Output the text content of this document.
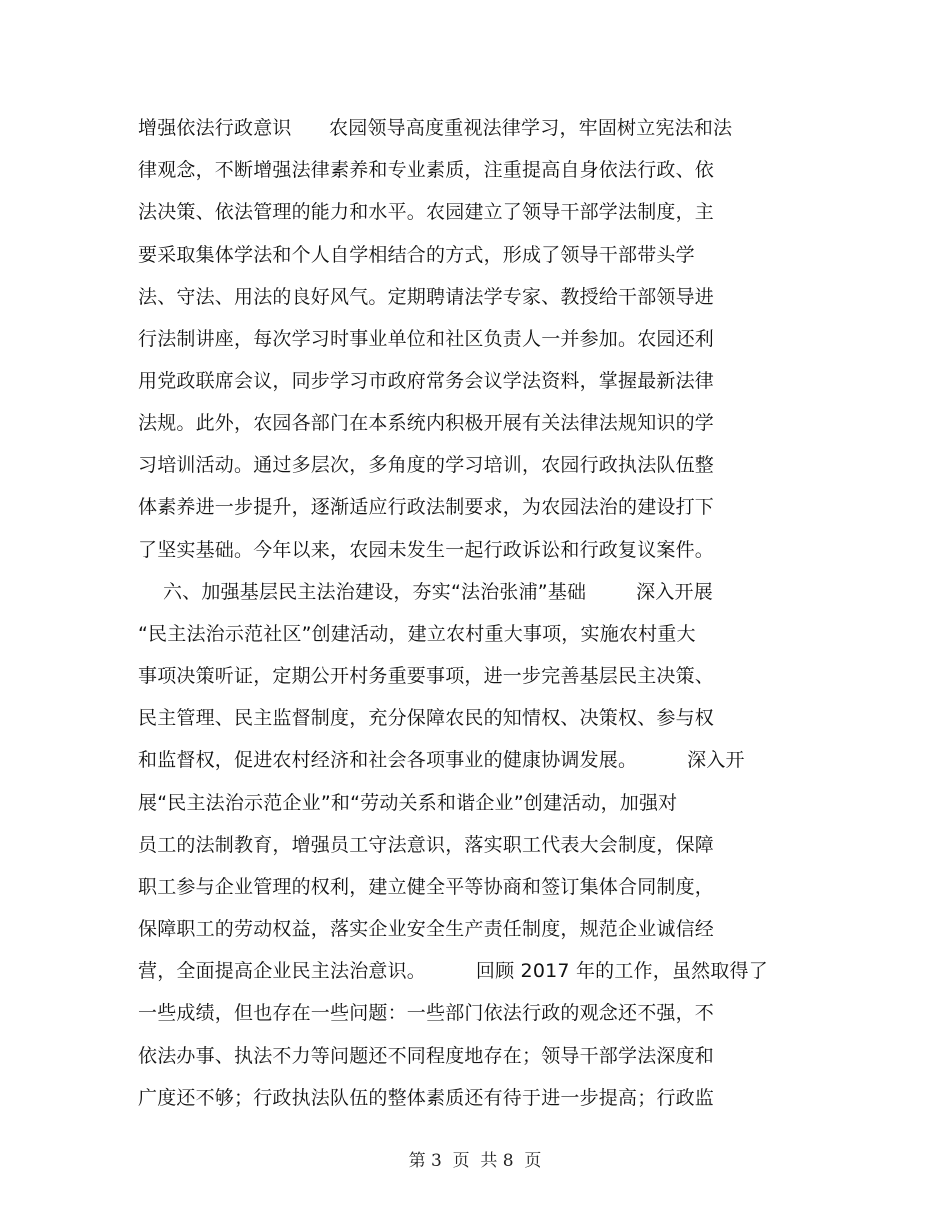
增强依法行政意识      农园领导高度重视法律学习，牢固树立宪法和法
律观念，不断增强法律素养和专业素质，注重提高自身依法行政、依
法决策、依法管理的能力和水平。农园建立了领导干部学法制度，主
要采取集体学法和个人自学相结合的方式，形成了领导干部带头学
法、守法、用法的良好风气。定期聘请法学专家、教授给干部领导进
行法制讲座，每次学习时事业单位和社区负责人一并参加。农园还利
用党政联席会议，同步学习市政府常务会议学法资料，掌握最新法律
法规。此外，农园各部门在本系统内积极开展有关法律法规知识的学
习培训活动。通过多层次，多角度的学习培训，农园行政执法队伍整
体素养进一步提升，逐渐适应行政法制要求，为农园法治的建设打下
了坚实基础。今年以来，农园未发生一起行政诉讼和行政复议案件。
六、加强基层民主法治建设，夯实“法治张浦”基础        深入开展
“民主法治示范社区”创建活动，建立农村重大事项，实施农村重大
事项决策听证，定期公开村务重要事项，进一步完善基层民主决策、
民主管理、民主监督制度，充分保障农民的知情权、决策权、参与权
和监督权，促进农村经济和社会各项事业的健康协调发展。        深入开
展“民主法治示范企业”和“劳动关系和谐企业”创建活动，加强对
员工的法制教育，增强员工守法意识，落实职工代表大会制度，保障
职工参与企业管理的权利，建立健全平等协商和签订集体合同制度，
保障职工的劳动权益，落实企业安全生产责任制度，规范企业诚信经
营，全面提高企业民主法治意识。        回顾 2017 年的工作，虽然取得了
一些成绩，但也存在一些问题：一些部门依法行政的观念还不强，不
依法办事、执法不力等问题还不同程度地存在；领导干部学法深度和
广度还不够；行政执法队伍的整体素质还有待于进一步提高；行政监
第 3  页  共 8  页
